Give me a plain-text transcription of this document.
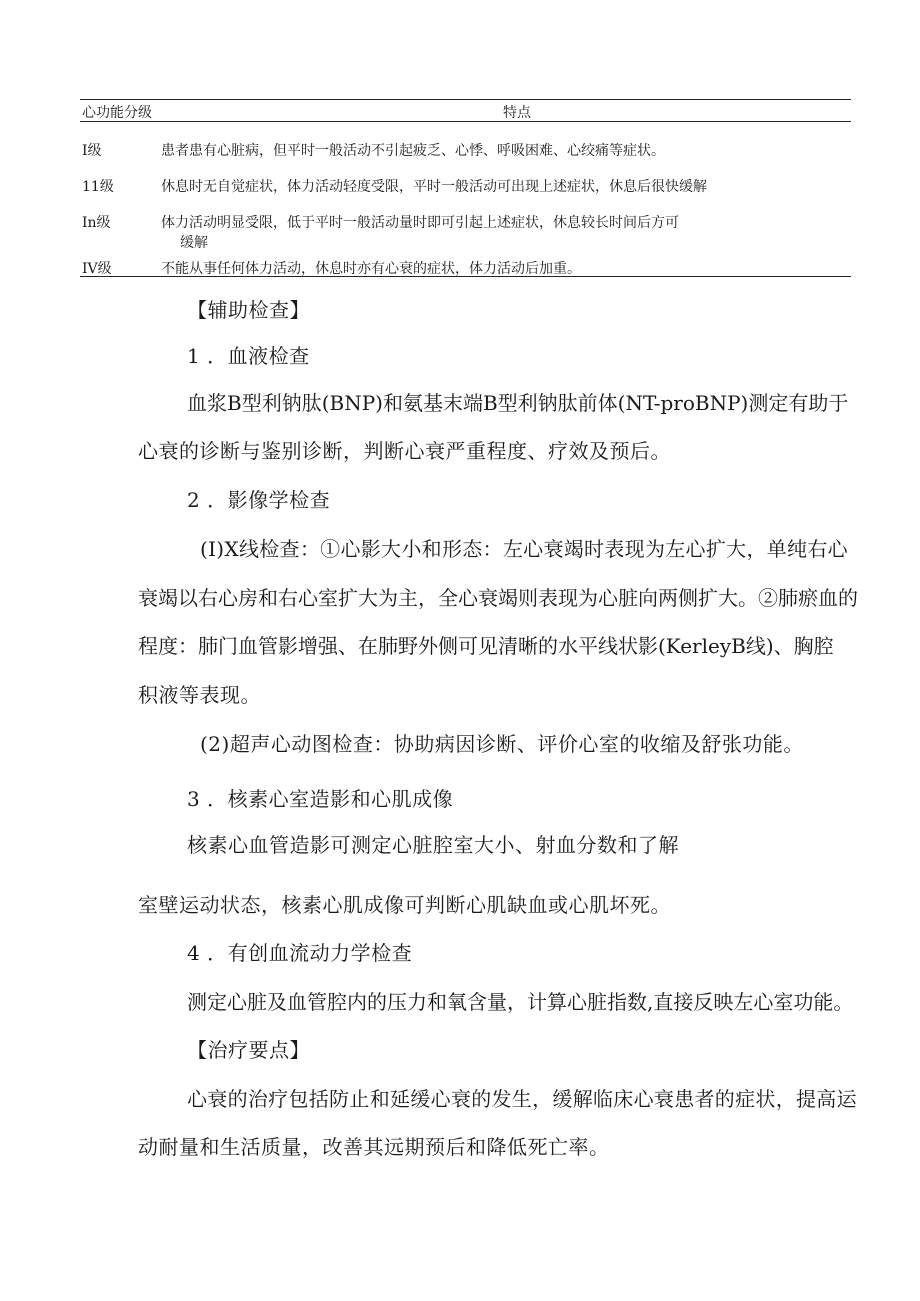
心功能分级	特点
I级	患者患有心脏病，但平时一般活动不引起疲乏、心悸、呼吸困难、心绞痛等症状。
11级	休息时无自觉症状，体力活动轻度受限，平时一般活动可出现上述症状，休息后很快缓解
In级	体力活动明显受限，低于平时一般活动量时即可引起上述症状，休息较长时间后方可
缓解
IV级	不能从事任何体力活动，休息时亦有心衰的症状，体力活动后加重。
【辅助检查】
1 ．血液检查
血浆B型利钠肽(BNP)和氨基末端B型利钠肽前体(NT-proBNP)测定有助于
心衰的诊断与鉴别诊断，判断心衰严重程度、疗效及预后。
2 ．影像学检查
(I)X线检查：①心影大小和形态：左心衰竭时表现为左心扩大，单纯右心
衰竭以右心房和右心室扩大为主，全心衰竭则表现为心脏向两侧扩大。②肺瘀血的
程度：肺门血管影增强、在肺野外侧可见清晰的水平线状影(KerleyB线)、胸腔
积液等表现。
(2)超声心动图检查：协助病因诊断、评价心室的收缩及舒张功能。
3 ．核素心室造影和心肌成像
核素心血管造影可测定心脏腔室大小、射血分数和了解
室壁运动状态，核素心肌成像可判断心肌缺血或心肌坏死。
4 ．有创血流动力学检查
测定心脏及血管腔内的压力和氧含量，计算心脏指数,直接反映左心室功能。
【治疗要点】
心衰的治疗包括防止和延缓心衰的发生，缓解临床心衰患者的症状，提高运
动耐量和生活质量，改善其远期预后和降低死亡率。
